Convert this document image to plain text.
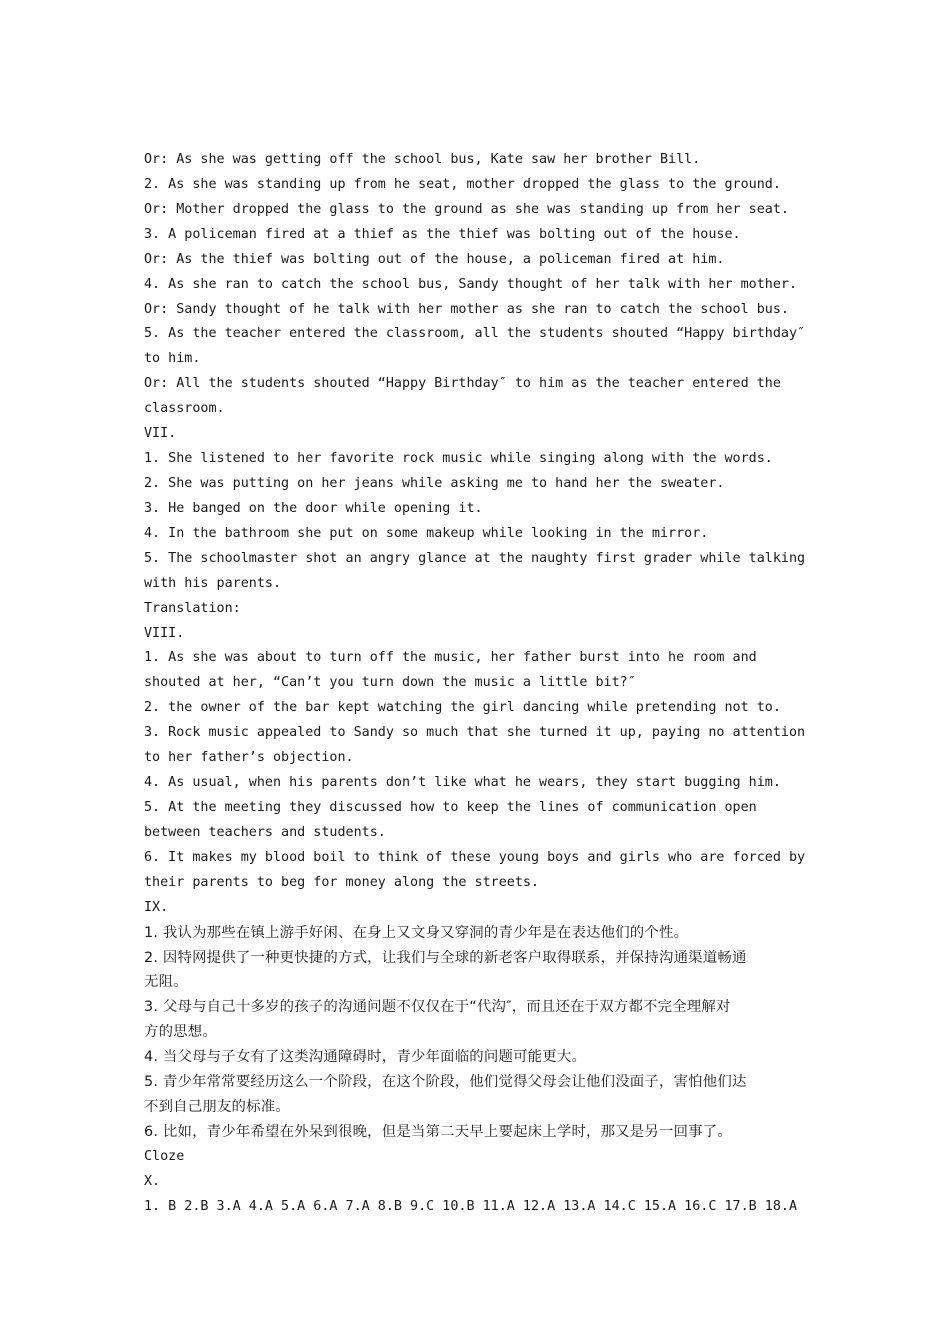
Or: As she was getting off the school bus, Kate saw her brother Bill.
2. As she was standing up from he seat, mother dropped the glass to the ground.
Or: Mother dropped the glass to the ground as she was standing up from her seat.
3. A policeman fired at a thief as the thief was bolting out of the house.
Or: As the thief was bolting out of the house, a policeman fired at him.
4. As she ran to catch the school bus, Sandy thought of her talk with her mother.
Or: Sandy thought of he talk with her mother as she ran to catch the school bus.
5. As the teacher entered the classroom, all the students shouted “Happy birthday″
to him.
Or: All the students shouted “Happy Birthday″ to him as the teacher entered the
classroom.
VII.
1. She listened to her favorite rock music while singing along with the words.
2. She was putting on her jeans while asking me to hand her the sweater.
3. He banged on the door while opening it.
4. In the bathroom she put on some makeup while looking in the mirror.
5. The schoolmaster shot an angry glance at the naughty first grader while talking
with his parents.
Translation:
VIII.
1. As she was about to turn off the music, her father burst into he room and
shouted at her, “Can’t you turn down the music a little bit?″
2. the owner of the bar kept watching the girl dancing while pretending not to.
3. Rock music appealed to Sandy so much that she turned it up, paying no attention
to her father’s objection.
4. As usual, when his parents don’t like what he wears, they start bugging him.
5. At the meeting they discussed how to keep the lines of communication open
between teachers and students.
6. It makes my blood boil to think of these young boys and girls who are forced by
their parents to beg for money along the streets.
IX.
1. 我认为那些在镇上游手好闲、在身上又文身又穿洞的青少年是在表达他们的个性。
2. 因特网提供了一种更快捷的方式，让我们与全球的新老客户取得联系，并保持沟通渠道畅通
无阻。
3. 父母与自己十多岁的孩子的沟通问题不仅仅在于“代沟″，而且还在于双方都不完全理解对
方的思想。
4. 当父母与子女有了这类沟通障碍时，青少年面临的问题可能更大。
5. 青少年常常要经历这么一个阶段，在这个阶段，他们觉得父母会让他们没面子，害怕他们达
不到自己朋友的标准。
6. 比如，青少年希望在外呆到很晚，但是当第二天早上要起床上学时，那又是另一回事了。
Cloze
X.
1. B 2.B 3.A 4.A 5.A 6.A 7.A 8.B 9.C 10.B 11.A 12.A 13.A 14.C 15.A 16.C 17.B 18.A
